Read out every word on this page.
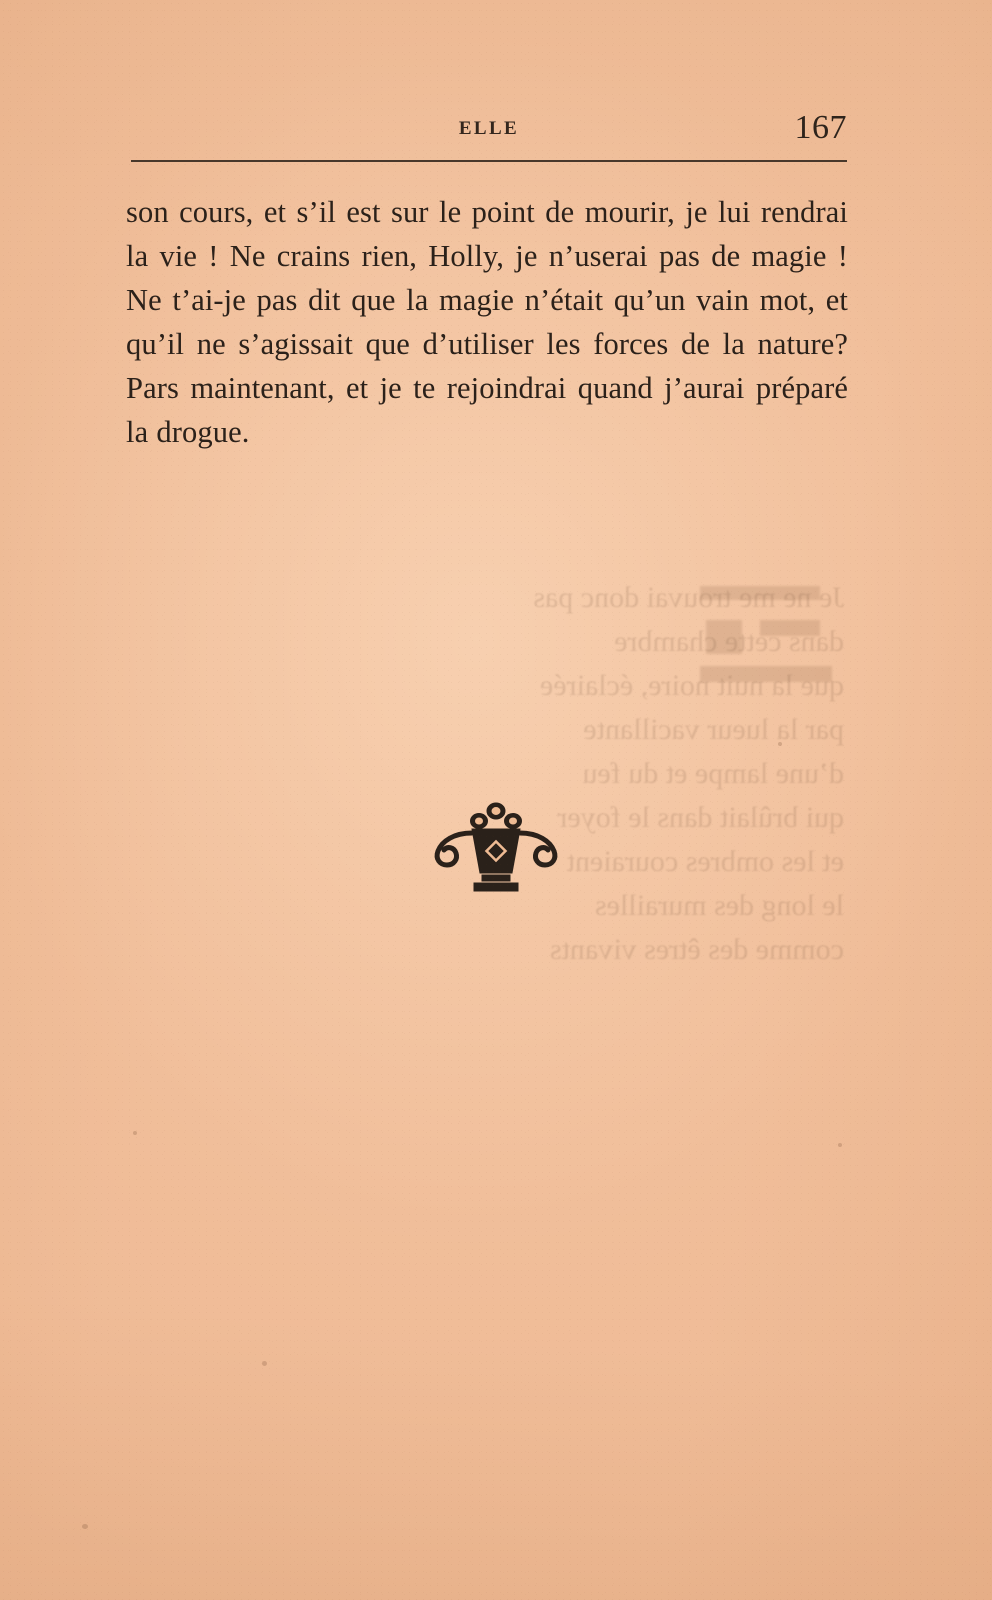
Je ne me trouvai donc pas

dans cette chambre

que la nuit noire, éclairée

par la lueur vacillante

d’une lampe et du feu

qui brûlait dans le foyer

et les ombres couraient

le long des murailles

comme des êtres vivants

ELLE	167

son cours, et s’il est sur le point de mourir, je lui rendrai la vie ! Ne crains rien, Holly, je n’userai pas de magie ! Ne t’ai-je pas dit que la magie n’était qu’un vain mot, et qu’il ne s’agissait que d’utiliser les forces de la nature? Pars maintenant, et je te rejoindrai quand j’aurai préparé la drogue.
